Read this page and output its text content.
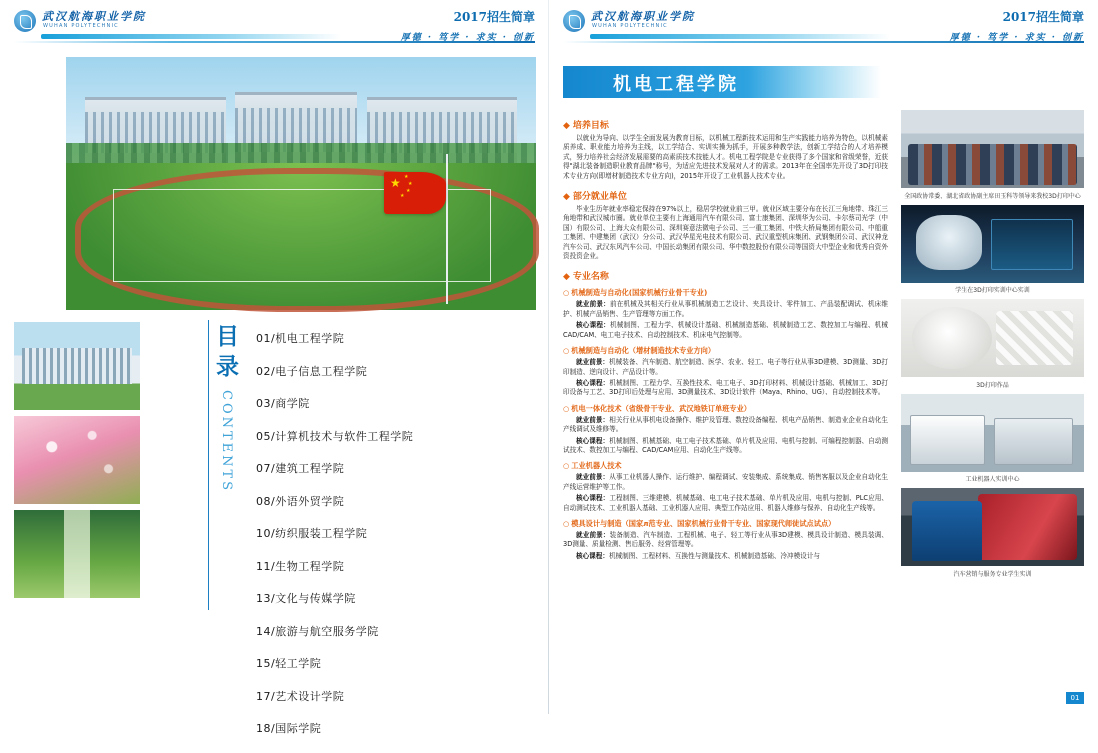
武汉航海职业学院
WUHAN POLYTECHNIC
2017招生简章
厚德 · 笃学 · 求实 · 创新
★ ★
★
★
★
目 录
CONTENTS
01/机电工程学院
02/电子信息工程学院
03/商学院
05/计算机技术与软件工程学院
07/建筑工程学院
08/外语外贸学院
10/纺织服装工程学院
11/生物工程学院
13/文化与传媒学院
14/旅游与航空服务学院
15/轻工学院
17/艺术设计学院
18/国际学院
武汉航海职业学院
WUHAN POLYTECHNIC
2017招生简章
厚德 · 笃学 · 求实 · 创新
机电工程学院
◆ 培养目标
以就业为导向、以学生全面发展为教育目标，以机械工程新技术运用和生产实践能力培养为特色，以机械素质养成、职业能力培养为主线，以工学结合、实训实操为抓手，开展多种教学法，创新工学结合的人才培养模式，努力培养社会经济发展需要的高素质技术技能人才。机电工程学院是专业获得了多个国家和省级荣誉，近获得"湖北装备制造职业教育品牌"称号，为适应先进技术发展对人才的需求。2013年在全国率先开设了3D打印技术专业方向(即增材制造技术专业方向)，2015年开设了工业机器人技术专业。
◆ 部分就业单位
毕业生历年就业率稳定保持在97%以上，稳居学校就业前三甲。就业区域主要分布在长江三角地带、珠江三角地带和武汉城市圈。就业单位主要有上海通用汽车有限公司、富士康集团、深圳华为公司、卡尔蔡司光学（中国）有限公司、上海大众有限公司、深圳赛意法微电子公司、三一重工集团、中铁大桥局集团有限公司、中船重工集团、中建集团（武汉）分公司、武汉华星光电技术有限公司、武汉重型机床集团、武钢集团公司、武汉神龙汽车公司、武汉东风汽车公司、中国长动集团有限公司、华中数控股份有限公司等国资大中型企业和优秀自资外资投资企业。
◆ 专业名称
○ 机械制造与自动化(国家机械行业骨干专业)
就业前景：前在机械及其相关行业从事机械制造工艺设计、夹具设计、零件加工、产品装配调试、机床维护、机械产品销售、生产管理等方面工作。
核心课程：机械制图、工程力学、机械设计基础、机械制造基础、机械制造工艺、数控加工与编程、机械CAD/CAM、电工电子技术、自动控制技术、机床电气控制等。
○ 机械制造与自动化（增材制造技术专业方向）
就业前景：机械装备、汽车制造、航空制造、医学、农业、轻工、电子等行业从事3D建模、3D测量、3D打印制造、逆向设计、产品设计等。
核心课程：机械制图、工程力学、互换性技术、电工电子、3D打印材料、机械设计基础、机械加工、3D打印设备与工艺、3D打印后处理与应用、3D测量技术、3D设计软件（Maya、Rhino、UG）、自动控制技术等。
○ 机电一体化技术（省级骨干专业、武汉地铁订单班专业）
就业前景：相关行业从事机电设备操作、维护及管理、数控设备编程、机电产品销售、制造业企业自动化生产线调试及维修等。
核心课程：机械制图、机械基础、电工电子技术基础、单片机及应用、电机与控制、可编程控制器、自动测试技术、数控加工与编程、CAD/CAM应用、自动化生产线等。
○ 工业机器人技术
就业前景：从事工业机器人操作、运行维护、编程调试、安装集成、系统集成、销售客服以及企业自动化生产线运营维护等工作。
核心课程：工程制图、三维建模、机械基础、电工电子技术基础、单片机及应用、电机与控制、PLC应用、自动测试技术、工业机器人基础、工业机器人应用、典型工作站应用、机器人维修与保养、自动化生产线等。
○ 模具设计与制造（国家л范专业、国家机械行业骨干专业、国家现代师徒试点试点）
就业前景：装备制造、汽车制造、工程机械、电子、轻工等行业从事3D建模、模具设计制造、模具装调、3D测量、质量检测、售后服务、经营管理等。
核心课程：机械制图、工程材料、互换性与测量技术、机械制造基础、冷冲模设计与
全国政协常委、湖北省政协副主席田玉科等领导来我校3D打印中心
学生在3D打印实训中心实训
3D打印作品
工业机器人实训中心
汽车营销与服务专业学生实训
01
